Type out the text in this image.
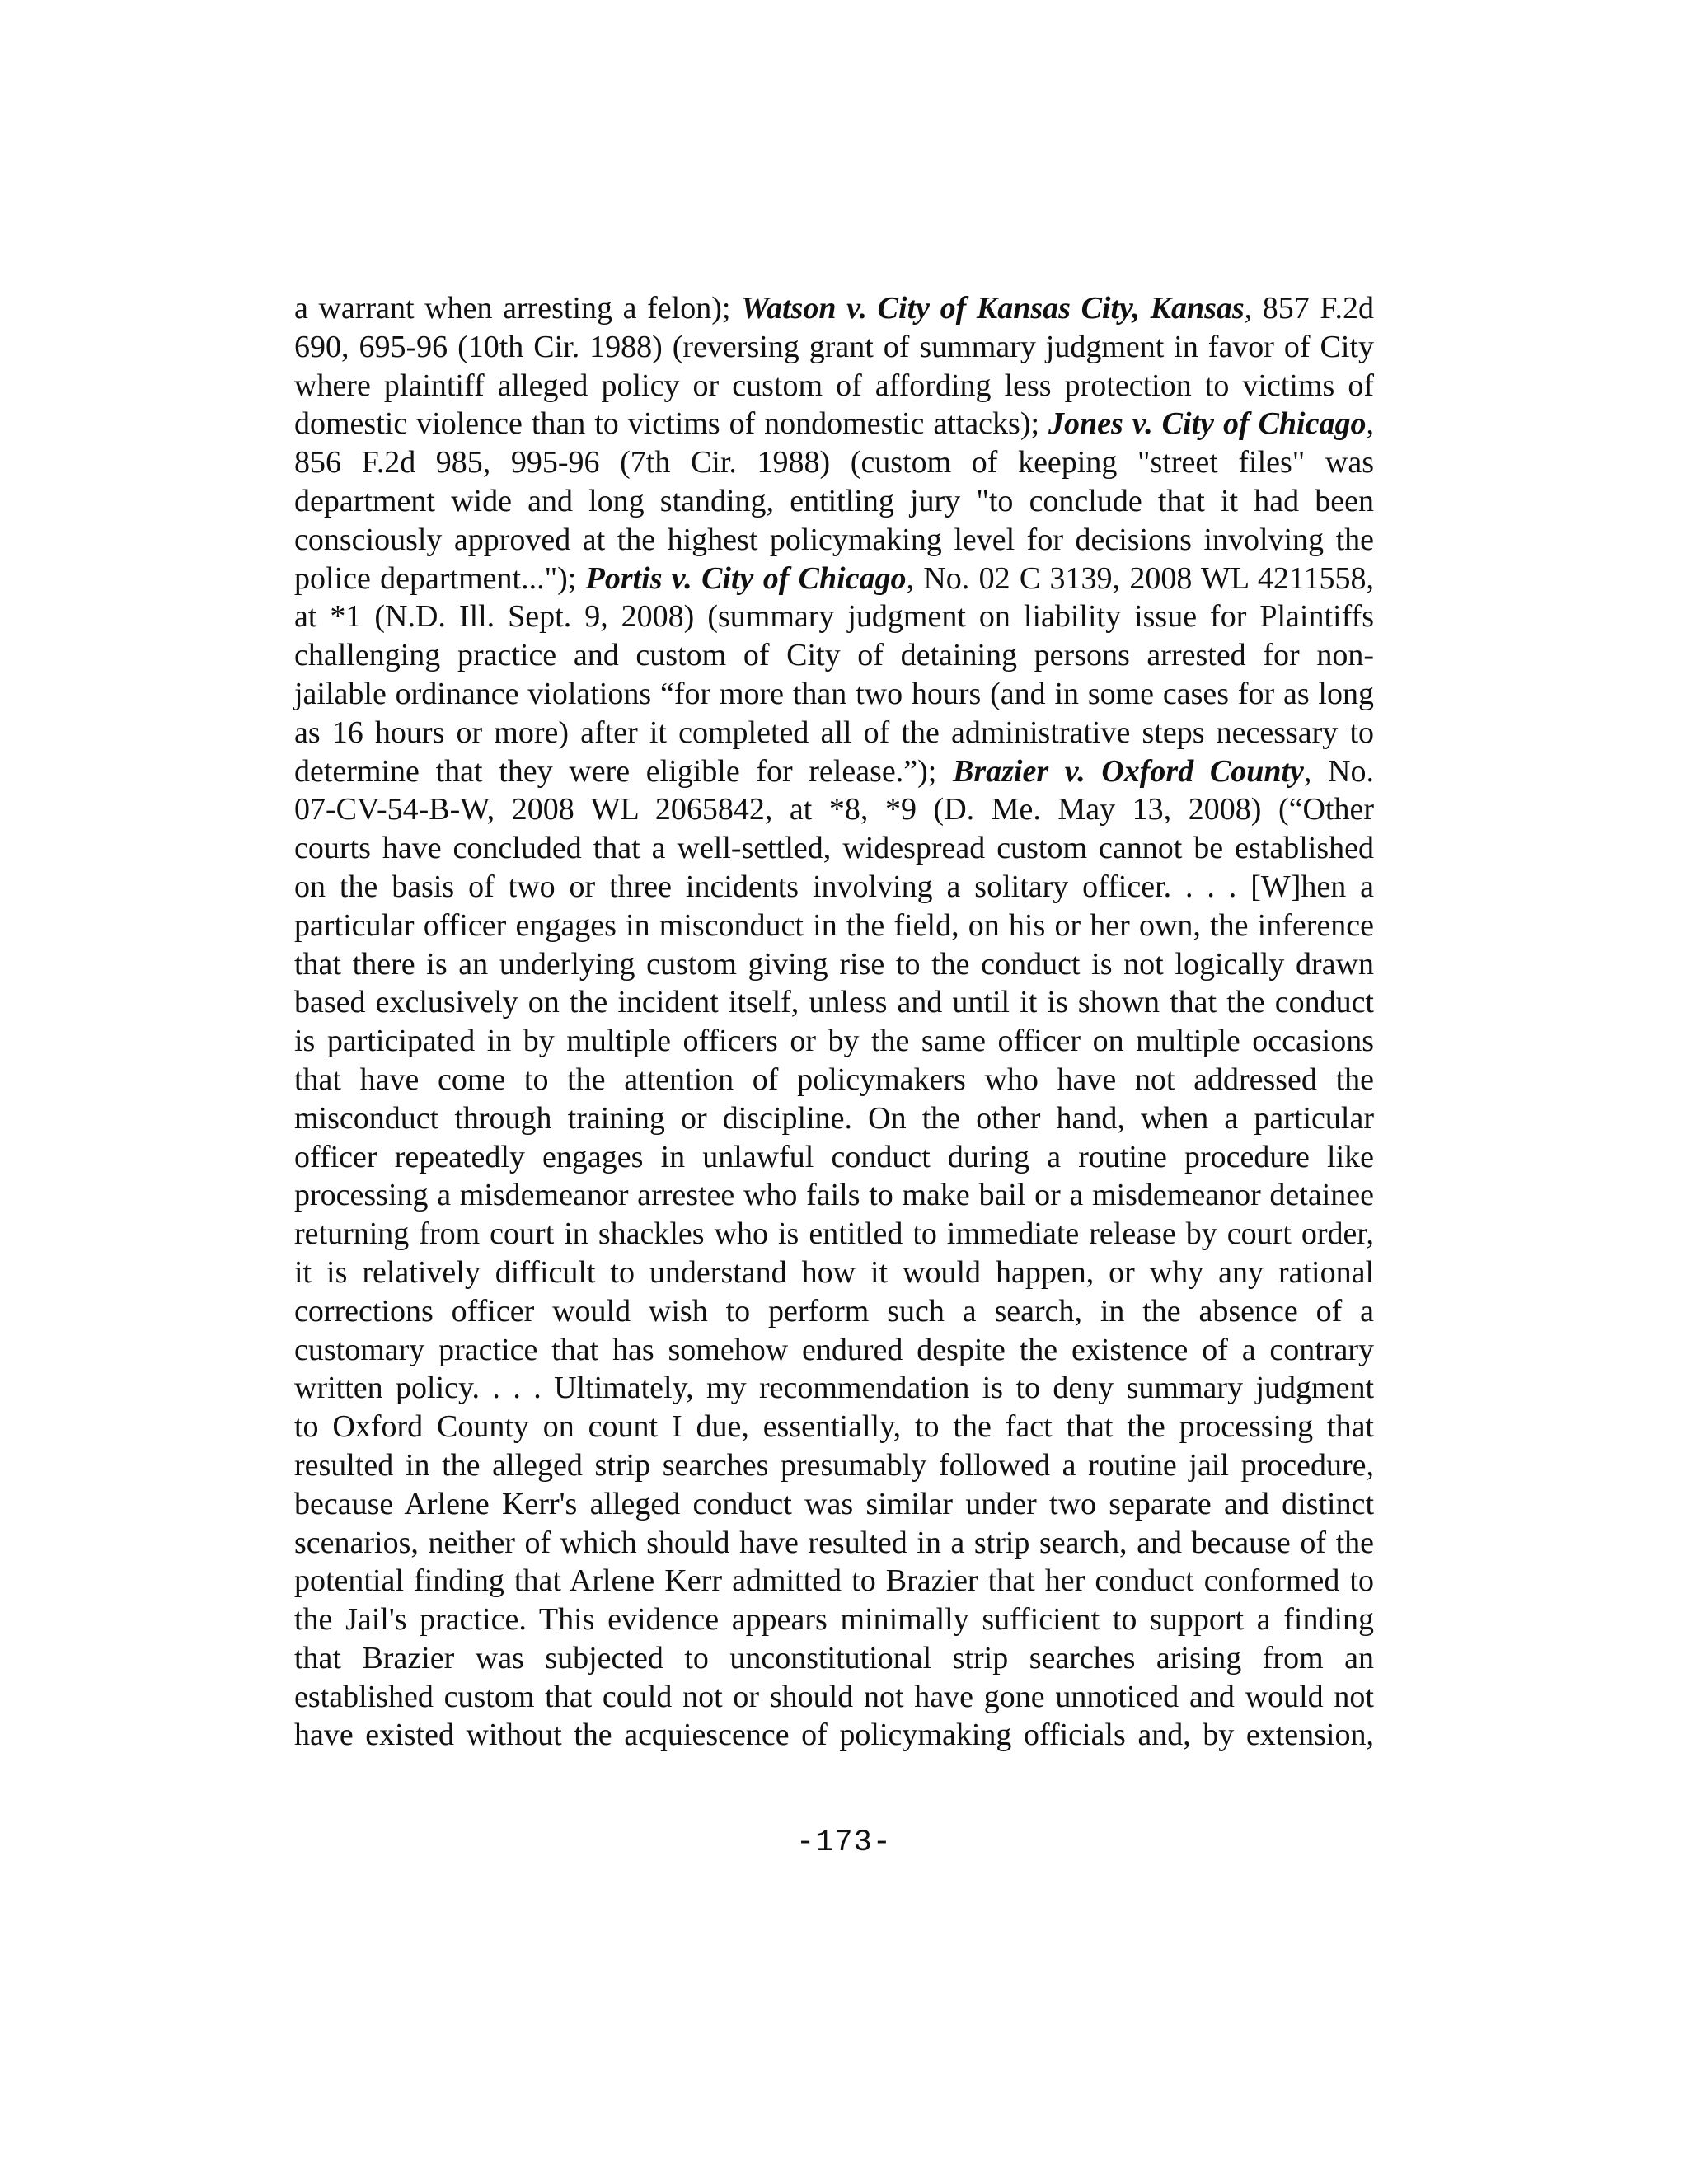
a warrant when arresting a felon); Watson v. City of Kansas City, Kansas, 857 F.2d
690, 695-96 (10th Cir. 1988) (reversing grant of summary judgment in favor of City
where plaintiff alleged policy or custom of affording less protection to victims of
domestic violence than to victims of nondomestic attacks); Jones v. City of Chicago,
856 F.2d 985, 995-96 (7th Cir. 1988) (custom of keeping "street files" was
department wide and long standing, entitling jury "to conclude that it had been
consciously approved at the highest policymaking level for decisions involving the
police department..."); Portis v. City of Chicago, No. 02 C 3139, 2008 WL 4211558,
at *1 (N.D. Ill. Sept. 9, 2008) (summary judgment on liability issue for Plaintiffs
challenging practice and custom of City of detaining persons arrested for non-
jailable ordinance violations “for more than two hours (and in some cases for as long
as 16 hours or more) after it completed all of the administrative steps necessary to
determine that they were eligible for release.”); Brazier v. Oxford County, No.
07-CV-54-B-W, 2008 WL 2065842, at *8, *9 (D. Me. May 13, 2008) (“Other
courts have concluded that a well-settled, widespread custom cannot be established
on the basis of two or three incidents involving a solitary officer. . . . [W]hen a
particular officer engages in misconduct in the field, on his or her own, the inference
that there is an underlying custom giving rise to the conduct is not logically drawn
based exclusively on the incident itself, unless and until it is shown that the conduct
is participated in by multiple officers or by the same officer on multiple occasions
that have come to the attention of policymakers who have not addressed the
misconduct through training or discipline. On the other hand, when a particular
officer repeatedly engages in unlawful conduct during a routine procedure like
processing a misdemeanor arrestee who fails to make bail or a misdemeanor detainee
returning from court in shackles who is entitled to immediate release by court order,
it is relatively difficult to understand how it would happen, or why any rational
corrections officer would wish to perform such a search, in the absence of a
customary practice that has somehow endured despite the existence of a contrary
written policy. . . . Ultimately, my recommendation is to deny summary judgment
to Oxford County on count I due, essentially, to the fact that the processing that
resulted in the alleged strip searches presumably followed a routine jail procedure,
because Arlene Kerr's alleged conduct was similar under two separate and distinct
scenarios, neither of which should have resulted in a strip search, and because of the
potential finding that Arlene Kerr admitted to Brazier that her conduct conformed to
the Jail's practice. This evidence appears minimally sufficient to support a finding
that Brazier was subjected to unconstitutional strip searches arising from an
established custom that could not or should not have gone unnoticed and would not
have existed without the acquiescence of policymaking officials and, by extension,
-173-
